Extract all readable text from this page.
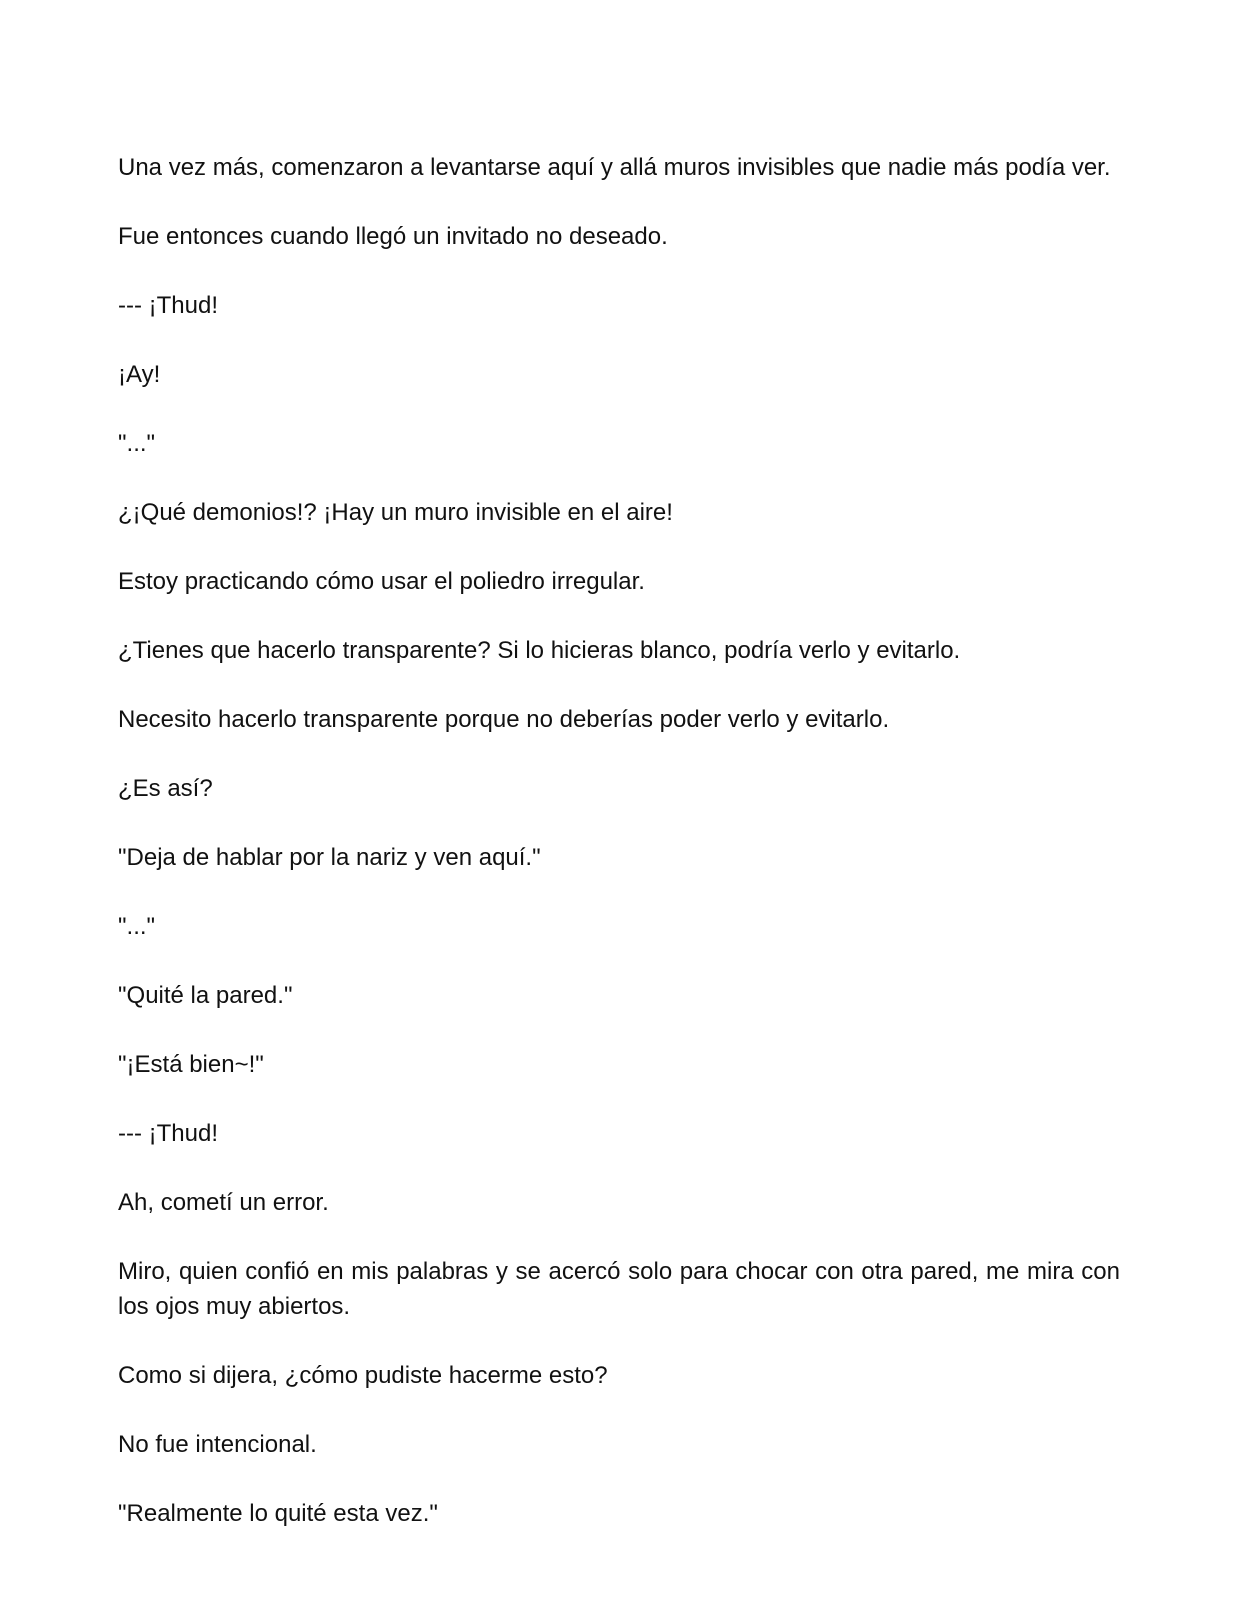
Una vez más, comenzaron a levantarse aquí y allá muros invisibles que nadie más podía ver.

Fue entonces cuando llegó un invitado no deseado.

--- ¡Thud!

¡Ay!

"..."

¿¡Qué demonios!? ¡Hay un muro invisible en el aire!

Estoy practicando cómo usar el poliedro irregular.

¿Tienes que hacerlo transparente? Si lo hicieras blanco, podría verlo y evitarlo.

Necesito hacerlo transparente porque no deberías poder verlo y evitarlo.

¿Es así?

"Deja de hablar por la nariz y ven aquí."

"..."

"Quité la pared."

"¡Está bien~!"

--- ¡Thud!

Ah, cometí un error.

Miro, quien confió en mis palabras y se acercó solo para chocar con otra pared, me mira con los ojos muy abiertos.

Como si dijera, ¿cómo pudiste hacerme esto?

No fue intencional.

"Realmente lo quité esta vez."
